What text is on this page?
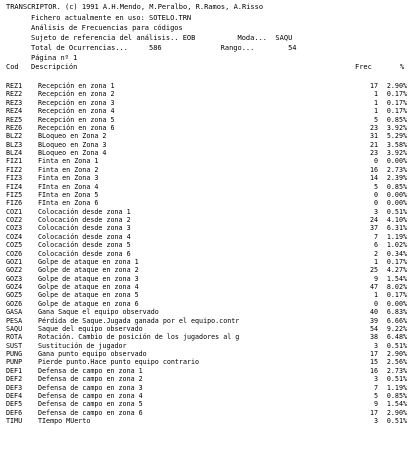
TRANSCRIPTOR. (c) 1991 A.H.Mendo, M.Peralbo, R.Ramos, A.Risso
Fichero actualmente en uso: SOTELO.TRN
Análisis de Frecuencias para códigos
Sujeto de referencia del análisis.. EOB          Moda...  SAQU
Total de Ocurrencias...     586              Rango...        54
Página nº 1
Cod Descripción	Frec	%
REZ1 Recepción en zona 1	17	2.90%
REZ2 Recepción en zona 2	1	0.17%
REZ3 Recepción en zona 3	1	0.17%
REZ4 Recepción en zona 4	1	0.17%
REZ5 Recepción en zona 5	5	0.85%
REZ6 Recepción en zona 6	23	3.92%
BLZ2 BLoqueo en Zona 2	31	5.29%
BLZ3 BLoqueo en Zona 3	21	3.58%
BLZ4 BLoqueo en Zona 4	23	3.92%
FIZ1 Finta en Zona 1	0	0.00%
FIZ2 Finta en Zona 2	16	2.73%
FIZ3 Finta en Zona 3	14	2.39%
FIZ4 FInta en Zona 4	5	0.85%
FIZ5 FInta en Zona 5	0	0.00%
FIZ6 FInta en Zona 6	0	0.00%
COZ1 Colocación desde zona 1	3	0.51%
COZ2 Colocación desde zona 2	24	4.10%
COZ3 Colocación desde zona 3	37	6.31%
COZ4 Colocación desde zona 4	7	1.19%
COZ5 Colocación desde zona 5	6	1.02%
COZ6 Colocación desde zona 6	2	0.34%
GOZ1 Golpe de ataque en zona 1	1	0.17%
GOZ2 Golpe de ataque en zona 2	25	4.27%
GOZ3 Golpe de ataque en zona 3	9	1.54%
GOZ4 Golpe de ataque en zona 4	47	8.02%
GOZ5 Golpe de ataque en zona 5	1	0.17%
GOZ6 Golpe de ataque en zona 6	0	0.00%
GASA Gana Saque el equipo observado	40	6.83%
PESA Pérdida de Saque.Jugada ganada por el equipo.contr	39	6.66%
SAQU Saque del equipo observado	54	9.22%
ROTA Rotación. Cambio de posición de los jugadores al g	38	6.48%
SUST Sustitución de jugador	3	0.51%
PUNG Gana punto equipo observado	17	2.90%
PUNP Pierde punto.Hace punto equipo contrario	15	2.56%
DEF1 Defensa de campo en zona 1	16	2.73%
DEF2 Defensa de campo en zona 2	3	0.51%
DEF3 Defensa de campo en zona 3	7	1.19%
DEF4 Defensa de campo en zona 4	5	0.85%
DEF5 Defensa de campo en zona 5	9	1.54%
DEF6 Defensa de campo en zona 6	17	2.90%
TIMU TIempo MUerto	3	0.51%
